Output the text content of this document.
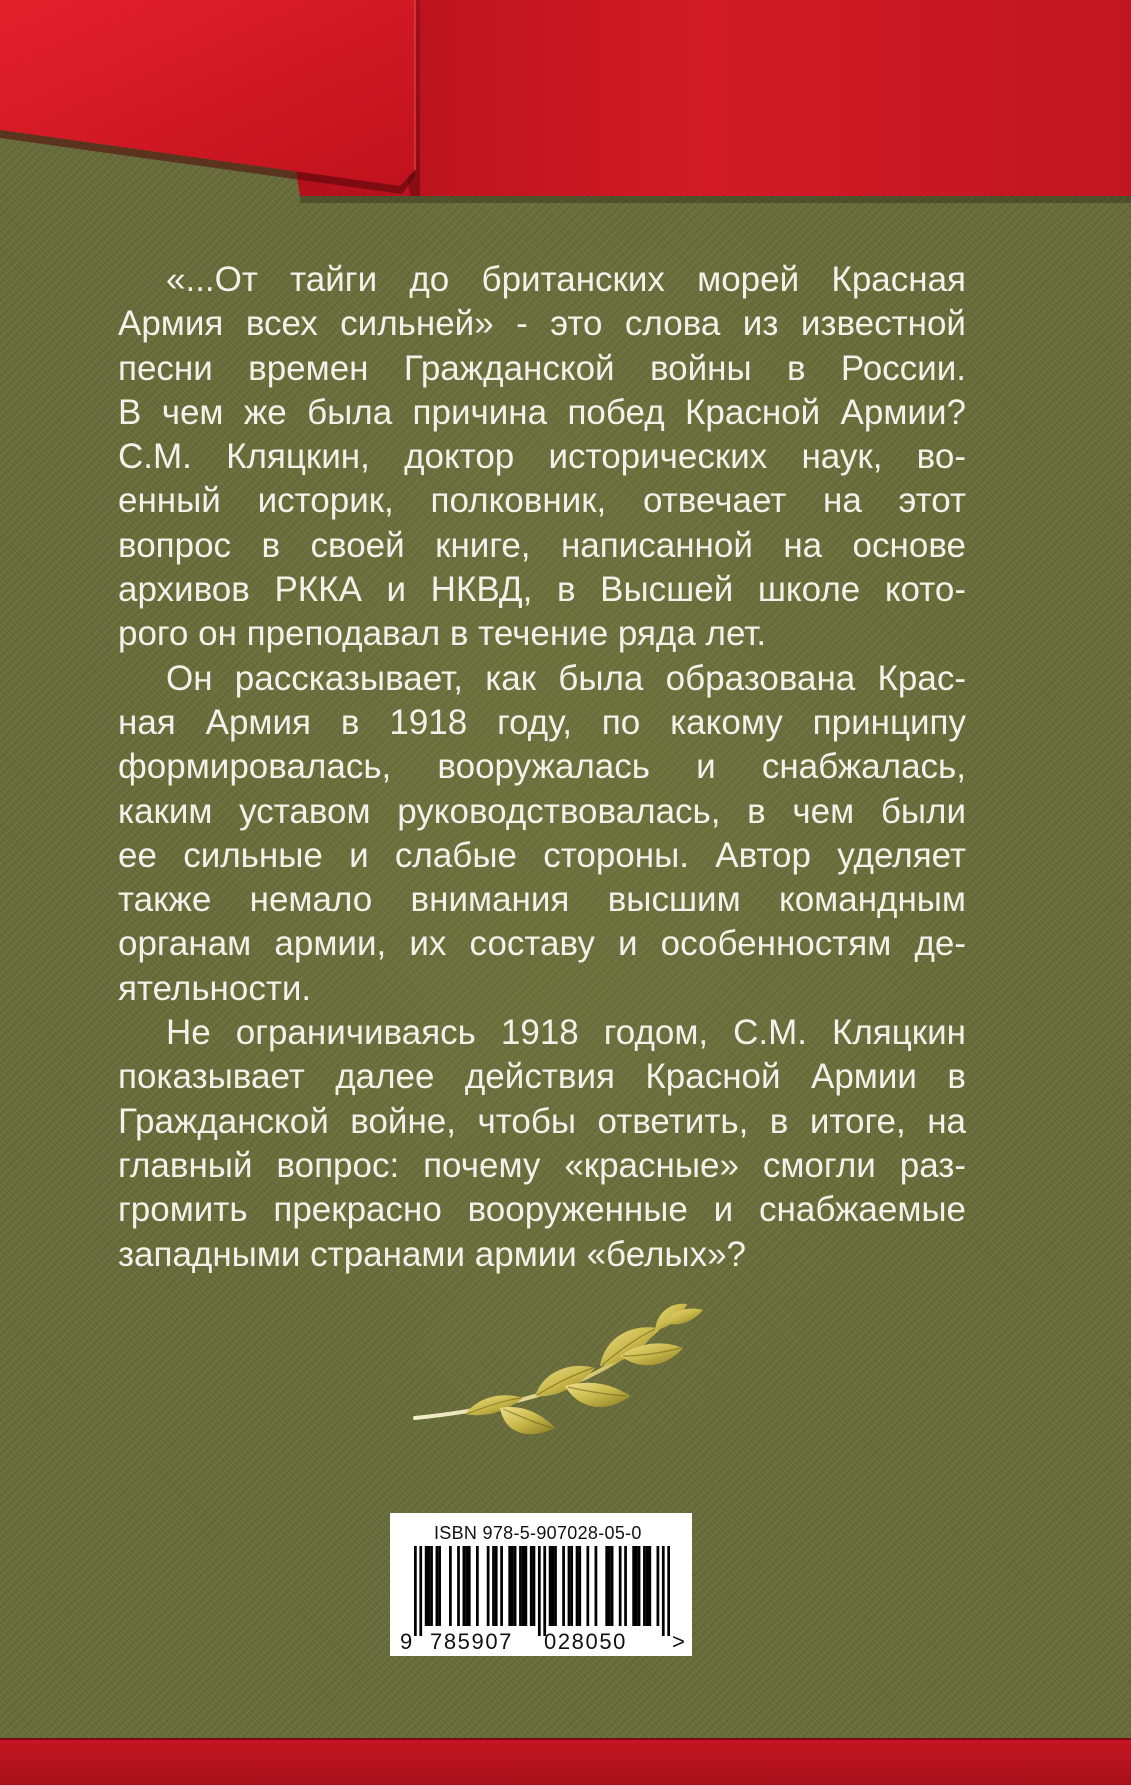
«...От тайги до британских морей Красная
Армия всех сильней» - это слова из известной
песни времен Гражданской войны в России.
В чем же была причина побед Красной Армии?
С.М. Кляцкин, доктор исторических наук, во-
енный историк, полковник, отвечает на этот
вопрос в своей книге, написанной на основе
архивов РККА и НКВД, в Высшей школе кото-
рого он преподавал в течение ряда лет.

Он рассказывает, как была образована Крас-
ная Армия в 1918 году, по какому принципу
формировалась, вооружалась и снабжалась,
каким уставом руководствовалась, в чем были
ее сильные и слабые стороны. Автор уделяет
также немало внимания высшим командным
органам армии, их составу и особенностям де-
ятельности.

Не ограничиваясь 1918 годом, С.М. Кляцкин
показывает далее действия Красной Армии в
Гражданской войне, чтобы ответить, в итоге, на
главный вопрос: почему «красные» смогли раз-
громить прекрасно вооруженные и снабжаемые
западными странами армии «белых»?

ISBN 978-5-907028-05-0
9 785907 028050 >
